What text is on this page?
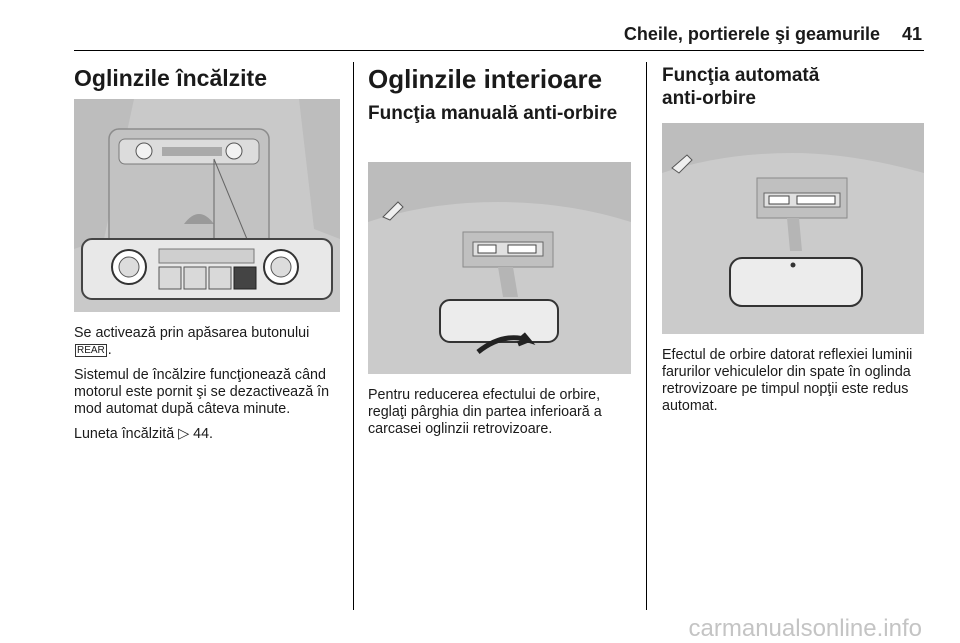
Cheile, portierele şi geamurile 41
Oglinzile încălzite

Se activează prin apăsarea butonului REAR .

Sistemul de încălzire funcţionează când motorul este pornit şi se dezactivează în mod automat după câteva minute.

Luneta încălzită ▷ 44.

Oglinzile interioare
Funcţia manuală anti-orbire

Pentru reducerea efectului de orbire, reglaţi pârghia din partea inferioară a carcasei oglinzii retrovizoare.

Funcţia automată
anti-orbire

Efectul de orbire datorat reflexiei luminii farurilor vehiculelor din spate în oglinda retrovizoare pe timpul nopţii este redus automat.

carmanualsonline.info
